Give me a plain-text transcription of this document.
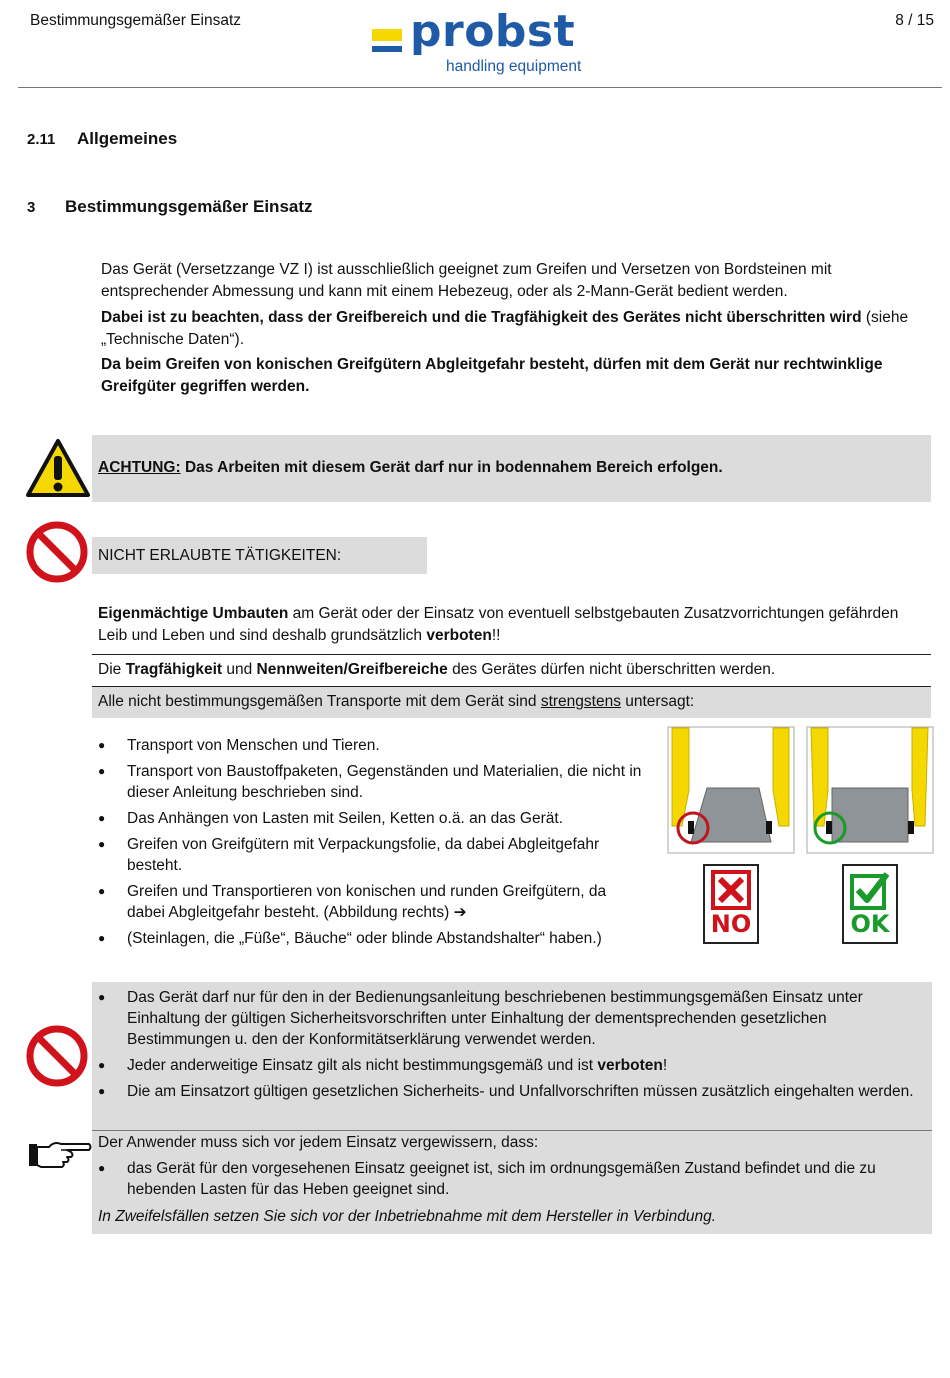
Bestimmungsgemäßer Einsatz	8 / 15
probst
handling equipment
2.11 Allgemeines
3 Bestimmungsgemäßer Einsatz
Das Gerät (Versetzzange VZ I) ist ausschließlich geeignet zum Greifen und Versetzen von Bordsteinen mit entsprechender Abmessung und kann mit einem Hebezeug, oder als 2-Mann-Gerät bedient werden.
Dabei ist zu beachten, dass der Greifbereich und die Tragfähigkeit des Gerätes nicht überschritten wird (siehe „Technische Daten“).
Da beim Greifen von konischen Greifgütern Abgleitgefahr besteht, dürfen mit dem Gerät nur rechtwinklige Greifgüter gegriffen werden.
ACHTUNG: Das Arbeiten mit diesem Gerät darf nur in bodennahem Bereich erfolgen.
NICHT ERLAUBTE TÄTIGKEITEN:
Eigenmächtige Umbauten am Gerät oder der Einsatz von eventuell selbstgebauten Zusatzvorrichtungen gefährden Leib und Leben und sind deshalb grundsätzlich verboten!!
Die Tragfähigkeit und Nennweiten/Greifbereiche des Gerätes dürfen nicht überschritten werden.
Alle nicht bestimmungsgemäßen Transporte mit dem Gerät sind strengstens untersagt:
● Transport von Menschen und Tieren.
● Transport von Baustoffpaketen, Gegenständen und Materialien, die nicht in dieser Anleitung beschrieben sind.
● Das Anhängen von Lasten mit Seilen, Ketten o.ä. an das Gerät.
● Greifen von Greifgütern mit Verpackungsfolie, da dabei Abgleitgefahr besteht.
● Greifen und Transportieren von konischen und runden Greifgütern, da dabei Abgleitgefahr besteht. (Abbildung rechts) ➔
● (Steinlagen, die „Füße“, Bäuche“ oder blinde Abstandshalter“ haben.)
NO	OK
● Das Gerät darf nur für den in der Bedienungsanleitung beschriebenen bestimmungsgemäßen Einsatz unter Einhaltung der gültigen Sicherheitsvorschriften unter Einhaltung der dementsprechenden gesetzlichen Bestimmungen u. den der Konformitätserklärung verwendet werden.
● Jeder anderweitige Einsatz gilt als nicht bestimmungsgemäß und ist verboten!
● Die am Einsatzort gültigen gesetzlichen Sicherheits- und Unfallvorschriften müssen zusätzlich eingehalten werden.
Der Anwender muss sich vor jedem Einsatz vergewissern, dass:
● das Gerät für den vorgesehenen Einsatz geeignet ist, sich im ordnungsgemäßen Zustand befindet und die zu hebenden Lasten für das Heben geeignet sind.
In Zweifelsfällen setzen Sie sich vor der Inbetriebnahme mit dem Hersteller in Verbindung.
